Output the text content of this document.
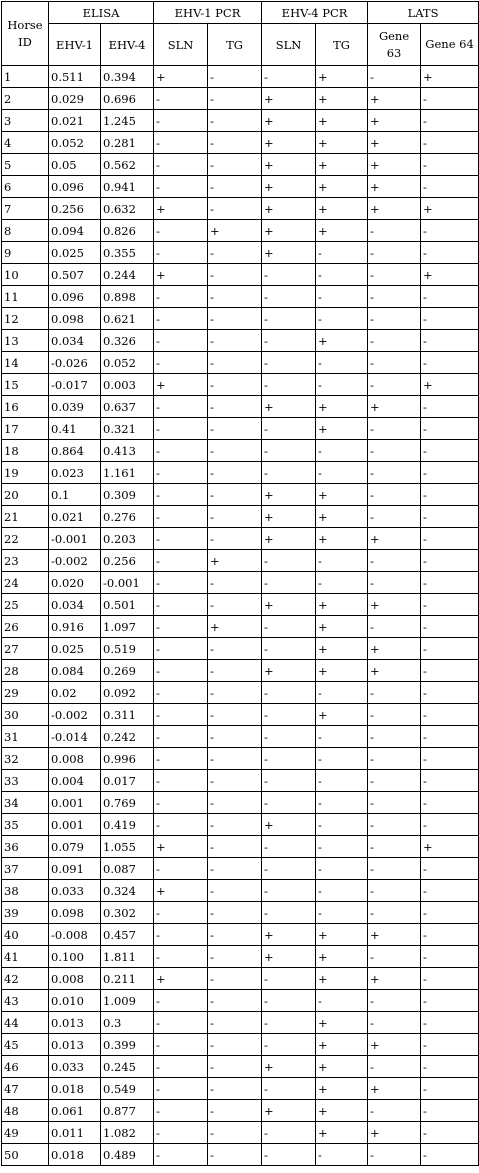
Horse ID	ELISA		EHV-1 PCR		EHV-4 PCR		LATS	
	EHV-1	EHV-4	SLN	TG	SLN	TG	Gene 63	Gene 64
1	0.511	0.394	+	-	-	+	-	+
2	0.029	0.696	-	-	+	+	+	-
3	0.021	1.245	-	-	+	+	+	-
4	0.052	0.281	-	-	+	+	+	-
5	0.05	0.562	-	-	+	+	+	-
6	0.096	0.941	-	-	+	+	+	-
7	0.256	0.632	+	-	+	+	+	+
8	0.094	0.826	-	+	+	+	-	-
9	0.025	0.355	-	-	+	-	-	-
10	0.507	0.244	+	-	-	-	-	+
11	0.096	0.898	-	-	-	-	-	-
12	0.098	0.621	-	-	-	-	-	-
13	0.034	0.326	-	-	-	+	-	-
14	-0.026	0.052	-	-	-	-	-	-
15	-0.017	0.003	+	-	-	-	-	+
16	0.039	0.637	-	-	+	+	+	-
17	0.41	0.321	-	-	-	+	-	-
18	0.864	0.413	-	-	-	-	-	-
19	0.023	1.161	-	-	-	-	-	-
20	0.1	0.309	-	-	+	+	-	-
21	0.021	0.276	-	-	+	+	-	-
22	-0.001	0.203	-	-	+	+	+	-
23	-0.002	0.256	-	+	-	-	-	-
24	0.020	-0.001	-	-	-	-	-	-
25	0.034	0.501	-	-	+	+	+	-
26	0.916	1.097	-	+	-	+	-	-
27	0.025	0.519	-	-	-	+	+	-
28	0.084	0.269	-	-	+	+	+	-
29	0.02	0.092	-	-	-	-	-	-
30	-0.002	0.311	-	-	-	+	-	-
31	-0.014	0.242	-	-	-	-	-	-
32	0.008	0.996	-	-	-	-	-	-
33	0.004	0.017	-	-	-	-	-	-
34	0.001	0.769	-	-	-	-	-	-
35	0.001	0.419	-	-	+	-	-	-
36	0.079	1.055	+	-	-	-	-	+
37	0.091	0.087	-	-	-	-	-	-
38	0.033	0.324	+	-	-	-	-	-
39	0.098	0.302	-	-	-	-	-	-
40	-0.008	0.457	-	-	+	+	+	-
41	0.100	1.811	-	-	+	+	-	-
42	0.008	0.211	+	-	-	+	+	-
43	0.010	1.009	-	-	-	-	-	-
44	0.013	0.3	-	-	-	+	-	-
45	0.013	0.399	-	-	-	+	+	-
46	0.033	0.245	-	-	+	+	-	-
47	0.018	0.549	-	-	-	+	+	-
48	0.061	0.877	-	-	+	+	-	-
49	0.011	1.082	-	-	-	+	+	-
50	0.018	0.489	-	-	-	-	-	-
